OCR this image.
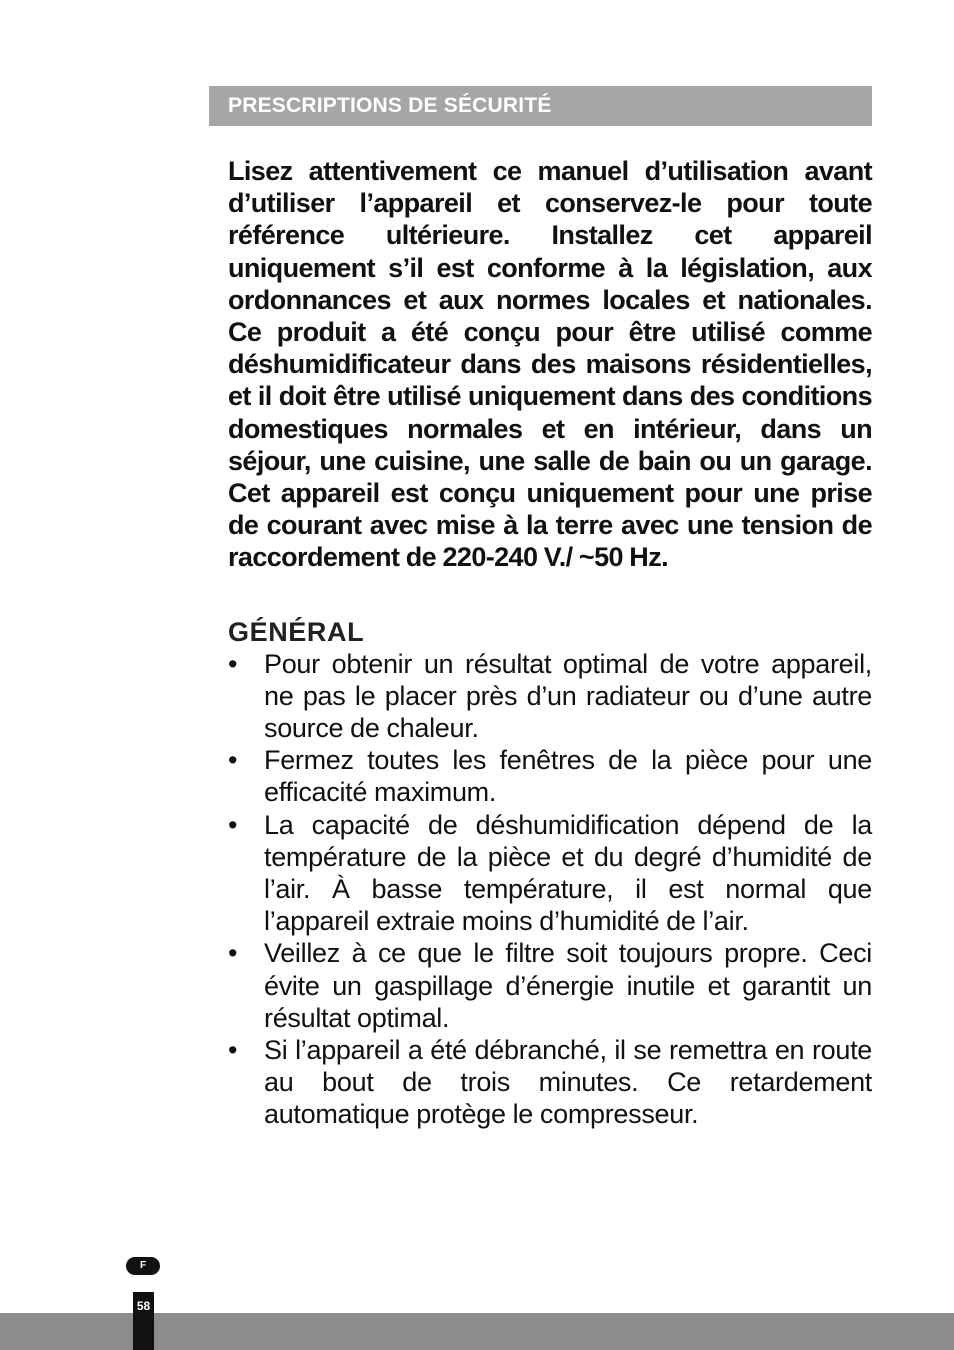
PRESCRIPTIONS DE SÉCURITÉ

Lisez attentivement ce manuel d’utilisation avant d’utiliser l’appareil et conservez-le pour toute référence ultérieure. Installez cet appareil uniquement s’il est conforme à la législation, aux ordonnances et aux normes locales et nationales. Ce produit a été conçu pour être utilisé comme déshumidificateur dans des maisons résidentielles, et il doit être utilisé uniquement dans des conditions domestiques normales et en intérieur, dans un séjour, une cuisine, une salle de bain ou un garage. Cet appareil est conçu uniquement pour une prise de courant avec mise à la terre avec une tension de raccordement de 220-240 V./ ~50 Hz.

GÉNÉRAL
• Pour obtenir un résultat optimal de votre appareil, ne pas le placer près d’un radiateur ou d’une autre source de chaleur.
• Fermez toutes les fenêtres de la pièce pour une efficacité maximum.
• La capacité de déshumidification dépend de la température de la pièce et du degré d’humidité de l’air. À basse température, il est normal que l’appareil extraie moins d’humidité de l’air.
• Veillez à ce que le filtre soit toujours propre. Ceci évite un gaspillage d’énergie inutile et garantit un résultat optimal.
• Si l’appareil a été débranché, il se remettra en route au bout de trois minutes. Ce retardement automatique protège le compresseur.
F
58
